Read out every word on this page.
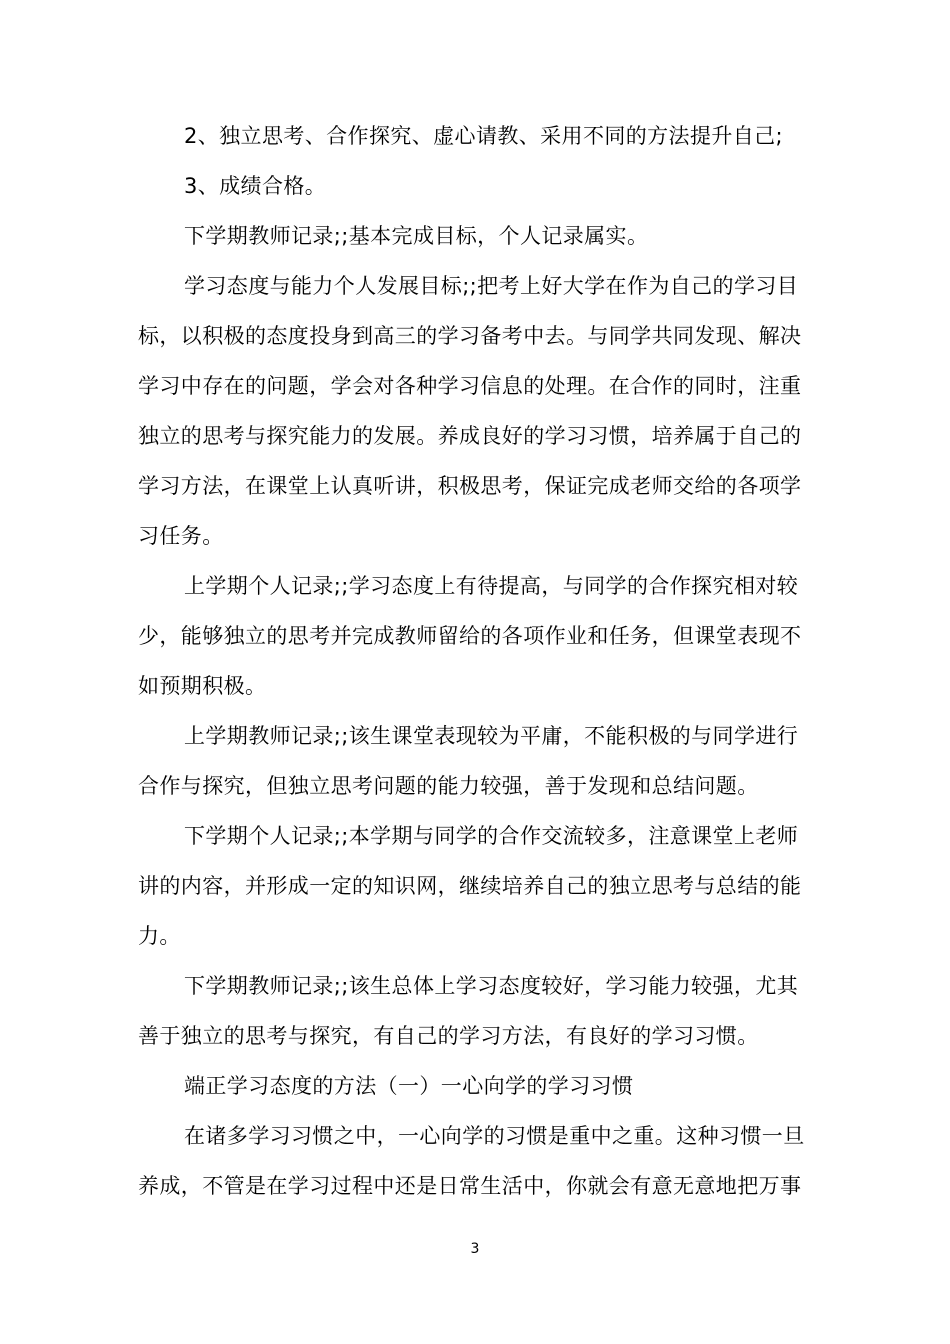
2、独立思考、合作探究、虚心请教、采用不同的方法提升自己;
3、成绩合格。
下学期教师记录;;基本完成目标，个人记录属实。
学习态度与能力个人发展目标;;把考上好大学在作为自己的学习目
标，以积极的态度投身到高三的学习备考中去。与同学共同发现、解决
学习中存在的问题，学会对各种学习信息的处理。在合作的同时，注重
独立的思考与探究能力的发展。养成良好的学习习惯，培养属于自己的
学习方法，在课堂上认真听讲，积极思考，保证完成老师交给的各项学
习任务。
上学期个人记录;;学习态度上有待提高，与同学的合作探究相对较
少，能够独立的思考并完成教师留给的各项作业和任务，但课堂表现不
如预期积极。
上学期教师记录;;该生课堂表现较为平庸，不能积极的与同学进行
合作与探究，但独立思考问题的能力较强，善于发现和总结问题。
下学期个人记录;;本学期与同学的合作交流较多，注意课堂上老师
讲的内容，并形成一定的知识网，继续培养自己的独立思考与总结的能
力。
下学期教师记录;;该生总体上学习态度较好，学习能力较强，尤其
善于独立的思考与探究，有自己的学习方法，有良好的学习习惯。
端正学习态度的方法（一）一心向学的学习习惯
在诸多学习习惯之中，一心向学的习惯是重中之重。这种习惯一旦
养成，不管是在学习过程中还是日常生活中，你就会有意无意地把万事
3
